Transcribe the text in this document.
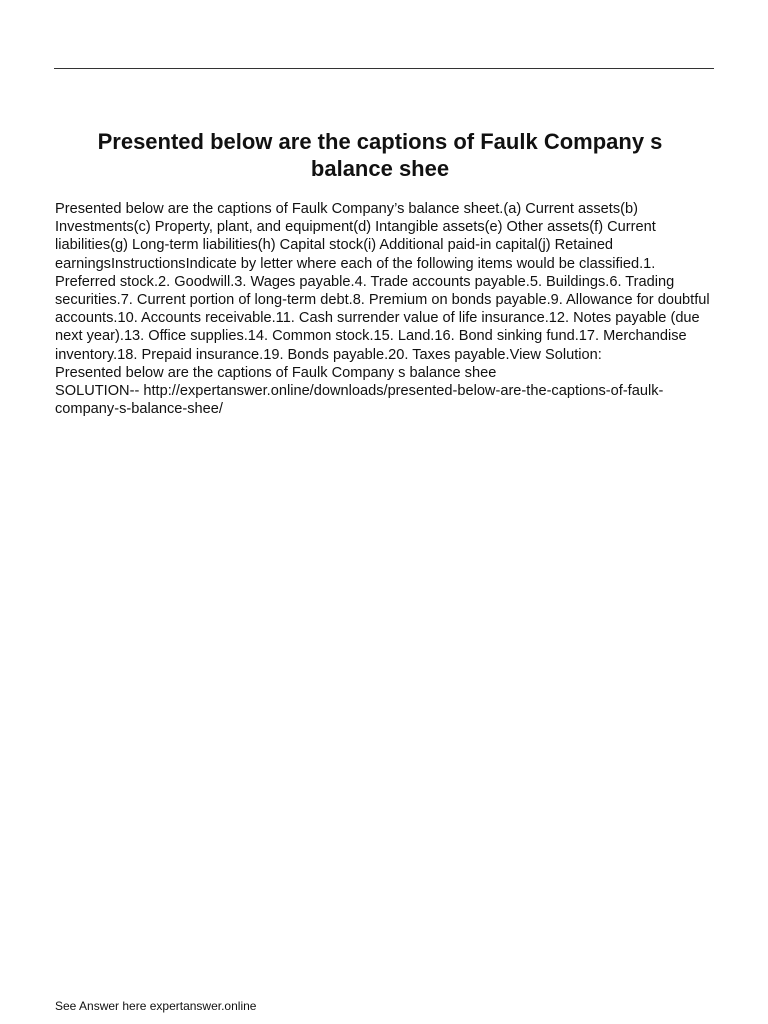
Presented below are the captions of Faulk Company s balance shee

Presented below are the captions of Faulk Company’s balance sheet.(a) Current assets(b) Investments(c) Property, plant, and equipment(d) Intangible assets(e) Other assets(f) Current liabilities(g) Long-term liabilities(h) Capital stock(i) Additional paid-in capital(j) Retained earningsInstructionsIndicate by letter where each of the following items would be classified.1. Preferred stock.2. Goodwill.3. Wages payable.4. Trade accounts payable.5. Buildings.6. Trading securities.7. Current portion of long-term debt.8. Premium on bonds payable.9. Allowance for doubtful accounts.10. Accounts receivable.11. Cash surrender value of life insurance.12. Notes payable (due next year).13. Office supplies.14. Common stock.15. Land.16. Bond sinking fund.17. Merchandise inventory.18. Prepaid insurance.19. Bonds payable.20. Taxes payable.View Solution:

Presented below are the captions of Faulk Company s balance shee

SOLUTION-- http://expertanswer.online/downloads/presented-below-are-the-captions-of-faulk-company-s-balance-shee/

See Answer here expertanswer.online
